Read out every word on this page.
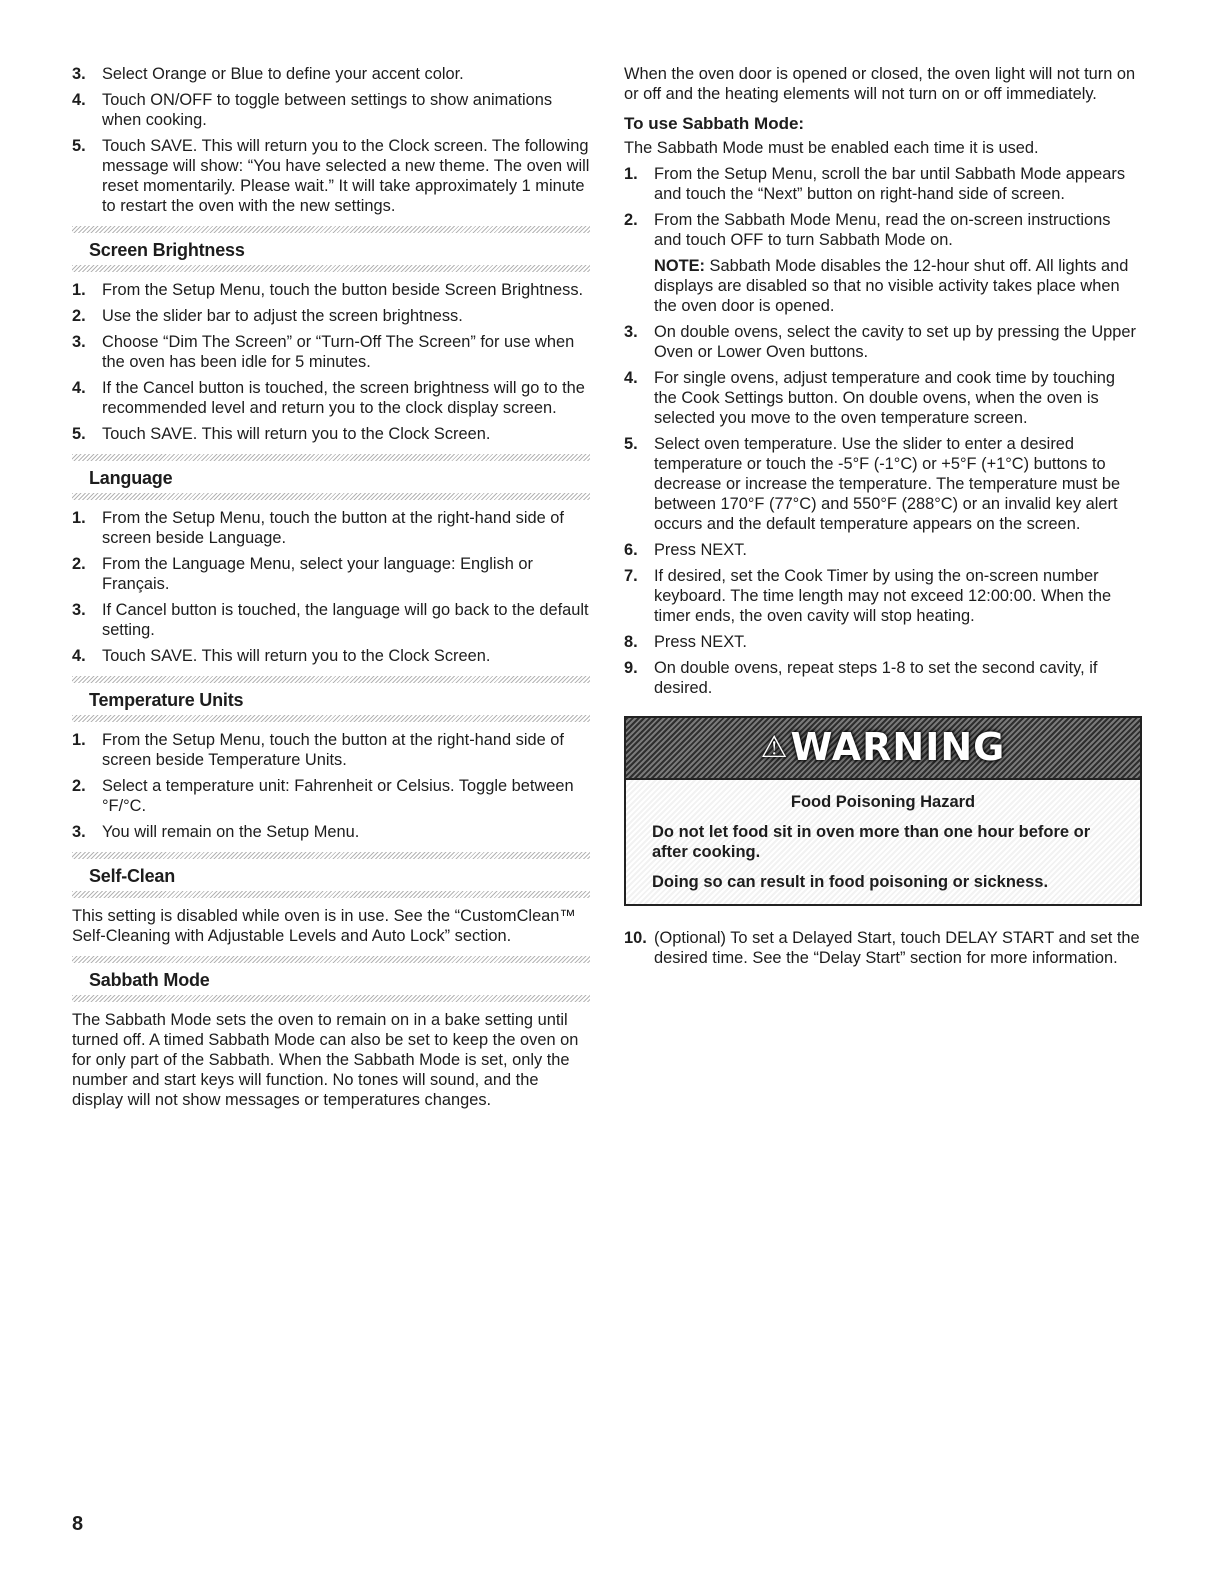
3. Select Orange or Blue to define your accent color.
4. Touch ON/OFF to toggle between settings to show animations when cooking.
5. Touch SAVE. This will return you to the Clock screen. The following message will show: “You have selected a new theme. The oven will reset momentarily. Please wait.” It will take approximately 1 minute to restart the oven with the new settings.
Screen Brightness
1. From the Setup Menu, touch the button beside Screen Brightness.
2. Use the slider bar to adjust the screen brightness.
3. Choose “Dim The Screen” or “Turn-Off The Screen” for use when the oven has been idle for 5 minutes.
4. If the Cancel button is touched, the screen brightness will go to the recommended level and return you to the clock display screen.
5. Touch SAVE. This will return you to the Clock Screen.
Language
1. From the Setup Menu, touch the button at the right-hand side of screen beside Language.
2. From the Language Menu, select your language: English or Français.
3. If Cancel button is touched, the language will go back to the default setting.
4. Touch SAVE. This will return you to the Clock Screen.
Temperature Units
1. From the Setup Menu, touch the button at the right-hand side of screen beside Temperature Units.
2. Select a temperature unit: Fahrenheit or Celsius. Toggle between °F/°C.
3. You will remain on the Setup Menu.
Self-Clean

This setting is disabled while oven is in use. See the “CustomClean™ Self-Cleaning with Adjustable Levels and Auto Lock” section.

Sabbath Mode

The Sabbath Mode sets the oven to remain on in a bake setting until turned off. A timed Sabbath Mode can also be set to keep the oven on for only part of the Sabbath. When the Sabbath Mode is set, only the number and start keys will function. No tones will sound, and the display will not show messages or temperatures changes.

When the oven door is opened or closed, the oven light will not turn on or off and the heating elements will not turn on or off immediately.

To use Sabbath Mode:

The Sabbath Mode must be enabled each time it is used.

1. From the Setup Menu, scroll the bar until Sabbath Mode appears and touch the “Next” button on right-hand side of screen.
2. From the Sabbath Mode Menu, read the on-screen instructions and touch OFF to turn Sabbath Mode on.
NOTE: Sabbath Mode disables the 12-hour shut off. All lights and displays are disabled so that no visible activity takes place when the oven door is opened.
3. On double ovens, select the cavity to set up by pressing the Upper Oven or Lower Oven buttons.
4. For single ovens, adjust temperature and cook time by touching the Cook Settings button. On double ovens, when the oven is selected you move to the oven temperature screen.
5. Select oven temperature. Use the slider to enter a desired temperature or touch the -5°F (-1°C) or +5°F (+1°C) buttons to decrease or increase the temperature. The temperature must be between 170°F (77°C) and 550°F (288°C) or an invalid key alert occurs and the default temperature appears on the screen.
6. Press NEXT.
7. If desired, set the Cook Timer by using the on-screen number keyboard. The time length may not exceed 12:00:00. When the timer ends, the oven cavity will stop heating.
8. Press NEXT.
9. On double ovens, repeat steps 1-8 to set the second cavity, if desired.
⚠WARNING
Food Poisoning Hazard
Do not let food sit in oven more than one hour before or after cooking.
Doing so can result in food poisoning or sickness.
10. (Optional) To set a Delayed Start, touch DELAY START and set the desired time. See the “Delay Start” section for more information.
8
